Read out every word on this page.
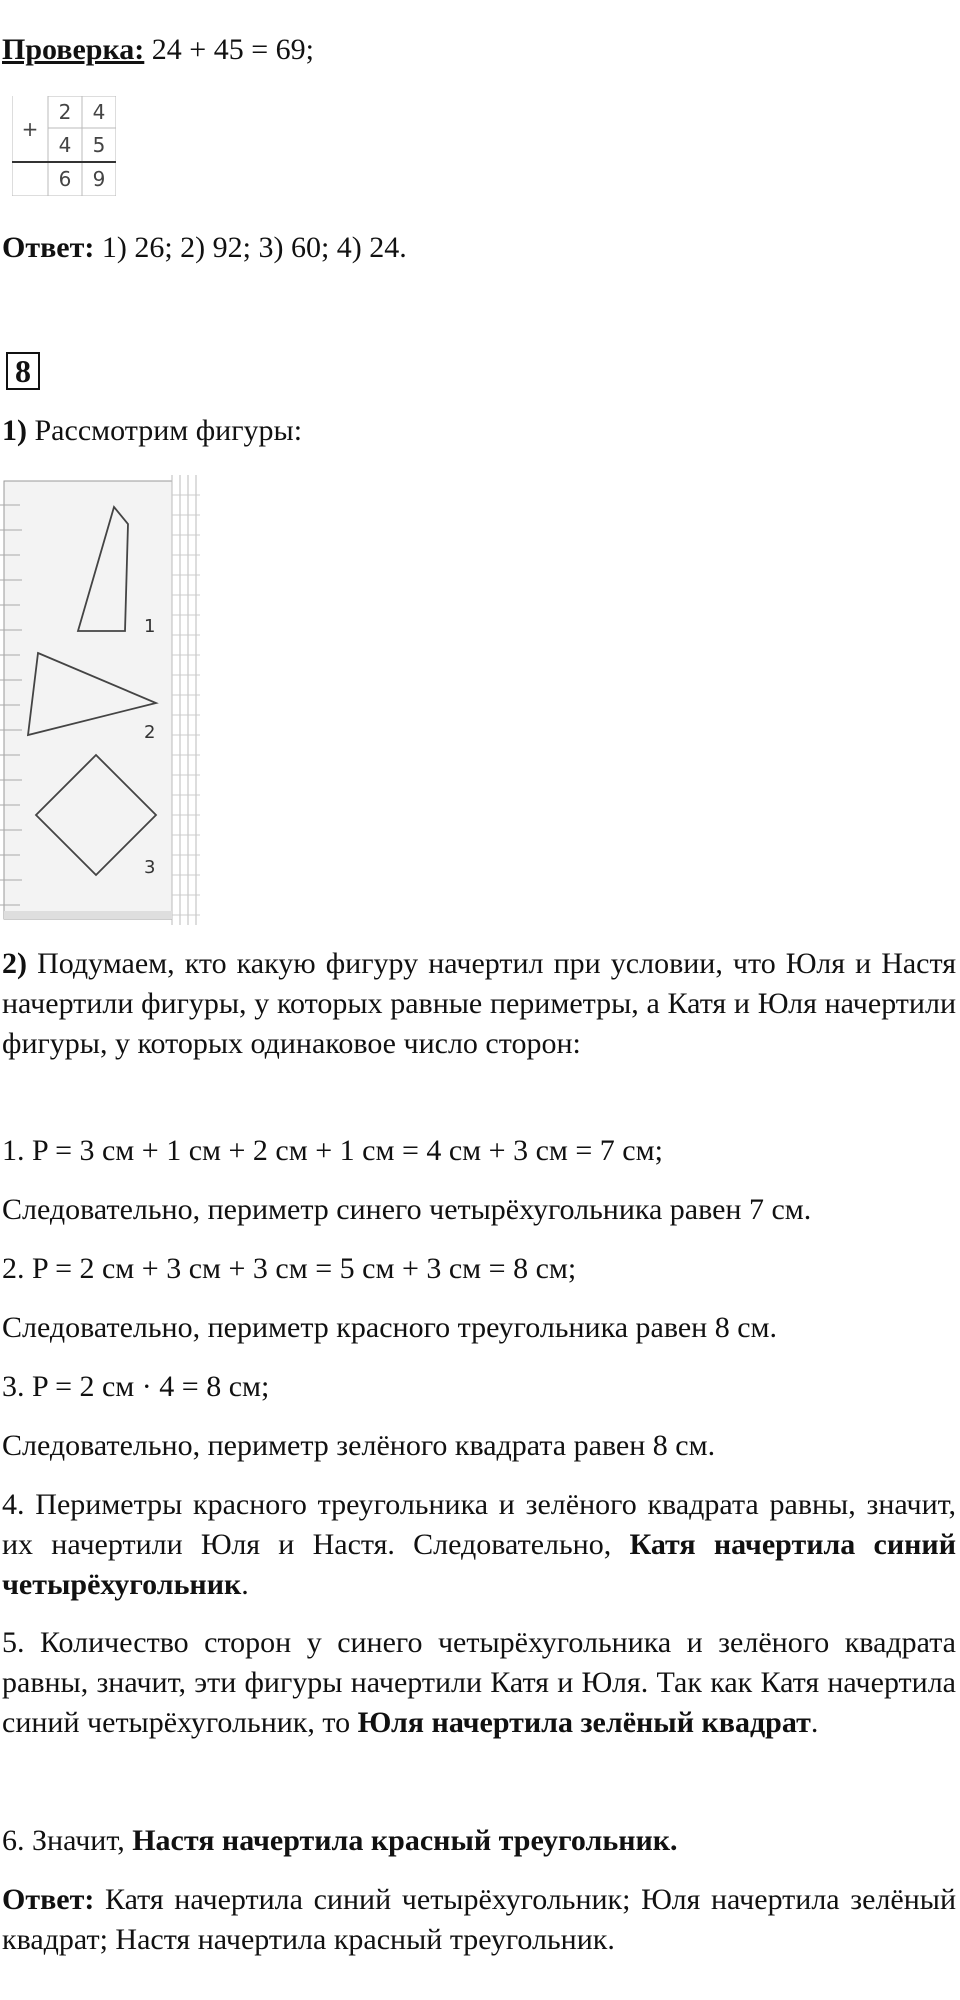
Проверка: 24 + 45 = 69;
+
2	4
4	5
6	9
Ответ: 1) 26; 2) 92; 3) 60; 4) 24.
8
1) Рассмотрим фигуры:
1
2
3
2) Подумаем, кто какую фигуру начертил при условии, что Юля и Настя начертили фигуры, у которых равные периметры, а Катя и Юля начертили фигуры, у которых одинаковое число сторон:
1. P = 3 см + 1 см + 2 см + 1 см = 4 см + 3 см = 7 см;
Следовательно, периметр синего четырёхугольника равен 7 см.
2. P = 2 см + 3 см + 3 см = 5 см + 3 см = 8 см;
Следовательно, периметр красного треугольника равен 8 см.
3. P = 2 см · 4 = 8 см;
Следовательно, периметр зелёного квадрата равен 8 см.
4. Периметры красного треугольника и зелёного квадрата равны, значит, их начертили Юля и Настя. Следовательно, Катя начертила синий четырёхугольник.
5. Количество сторон у синего четырёхугольника и зелёного квадрата равны, значит, эти фигуры начертили Катя и Юля. Так как Катя начертила синий четырёхугольник, то Юля начертила зелёный квадрат.
6. Значит, Настя начертила красный треугольник.
Ответ: Катя начертила синий четырёхугольник; Юля начертила зелёный квадрат; Настя начертила красный треугольник.
